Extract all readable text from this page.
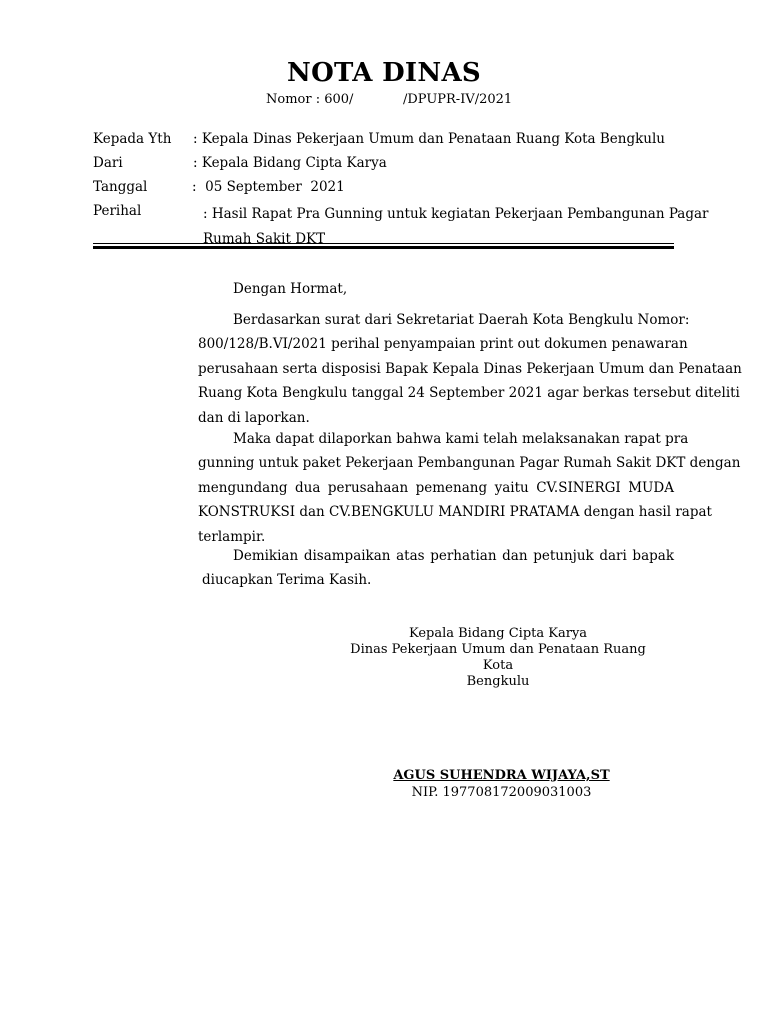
NOTA DINAS
Nomor : 600/            /DPUPR-IV/2021
Kepada Yth : Kepala Dinas Pekerjaan Umum dan Penataan Ruang Kota Bengkulu
Dari	: Kepala Bidang Cipta Karya
Tanggal	:  05 September  2021
Perihal	: Hasil Rapat Pra Gunning untuk kegiatan Pekerjaan Pembangunan Pagar
Rumah Sakit DKT
Dengan Hormat,
Berdasarkan surat dari Sekretariat Daerah Kota Bengkulu Nomor:
800/128/B.VI/2021 perihal penyampaian print out dokumen penawaran
perusahaan serta disposisi Bapak Kepala Dinas Pekerjaan Umum dan Penataan
Ruang Kota Bengkulu tanggal 24 September 2021 agar berkas tersebut diteliti
dan di laporkan.
Maka dapat dilaporkan bahwa kami telah melaksanakan rapat pra
gunning untuk paket Pekerjaan Pembangunan Pagar Rumah Sakit DKT dengan
mengundang dua perusahaan pemenang yaitu CV.SINERGI MUDA
KONSTRUKSI dan CV.BENGKULU MANDIRI PRATAMA dengan hasil rapat
terlampir.
Demikian disampaikan atas perhatian dan petunjuk dari bapak
diucapkan Terima Kasih.
Kepala Bidang Cipta Karya
Dinas Pekerjaan Umum dan Penataan Ruang Kota
Bengkulu
AGUS SUHENDRA WIJAYA,ST
NIP. 197708172009031003
